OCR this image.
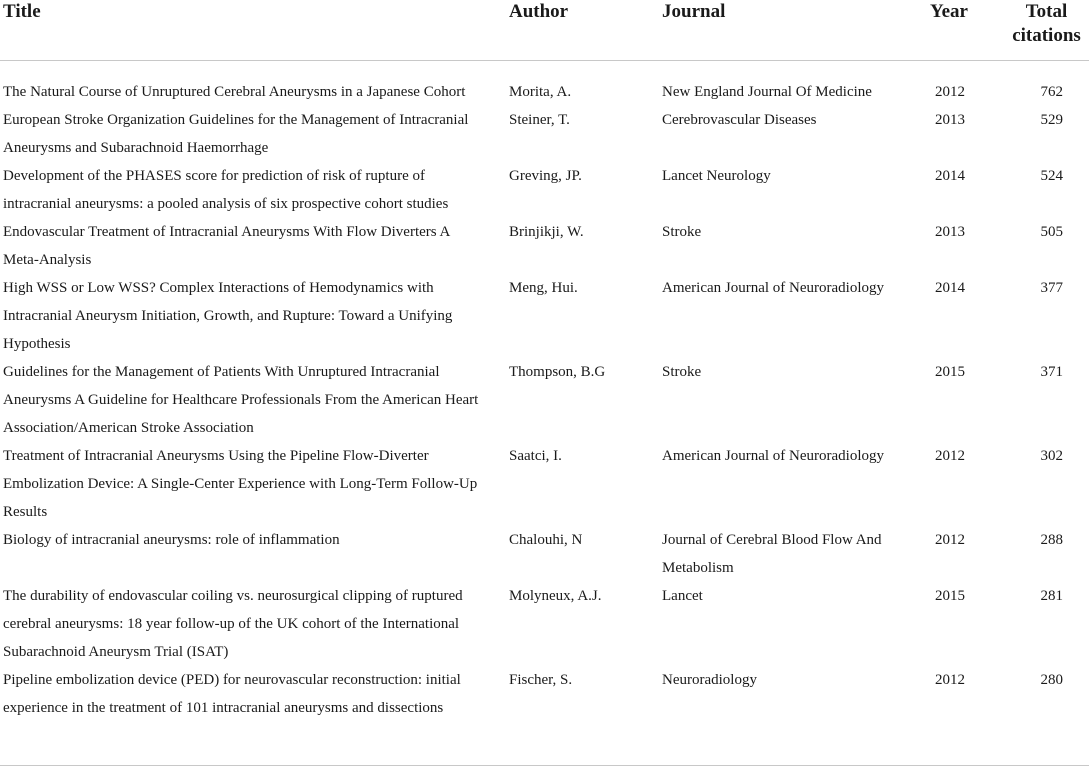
Title	Author	Journal	Year	Total citations

The Natural Course of Unruptured Cerebral Aneurysms in a Japanese Cohort	Morita, A.	New England Journal Of Medicine	2012	762
European Stroke Organization Guidelines for the Management of Intracranial Aneurysms and Subarachnoid Haemorrhage	Steiner, T.	Cerebrovascular Diseases	2013	529
Development of the PHASES score for prediction of risk of rupture of intracranial aneurysms: a pooled analysis of six prospective cohort studies	Greving, JP.	Lancet Neurology	2014	524
Endovascular Treatment of Intracranial Aneurysms With Flow Diverters A Meta-Analysis	Brinjikji, W.	Stroke	2013	505
High WSS or Low WSS? Complex Interactions of Hemodynamics with Intracranial Aneurysm Initiation, Growth, and Rupture: Toward a Unifying Hypothesis	Meng, Hui.	American Journal of Neuroradiology	2014	377
Guidelines for the Management of Patients With Unruptured Intracranial Aneurysms A Guideline for Healthcare Professionals From the American Heart Association/American Stroke Association	Thompson, B.G	Stroke	2015	371
Treatment of Intracranial Aneurysms Using the Pipeline Flow-Diverter Embolization Device: A Single-Center Experience with Long-Term Follow-Up Results	Saatci, I.	American Journal of Neuroradiology	2012	302
Biology of intracranial aneurysms: role of inflammation	Chalouhi, N	Journal of Cerebral Blood Flow And Metabolism	2012	288
The durability of endovascular coiling vs. neurosurgical clipping of ruptured cerebral aneurysms: 18 year follow-up of the UK cohort of the International Subarachnoid Aneurysm Trial (ISAT)	Molyneux, A.J.	Lancet	2015	281
Pipeline embolization device (PED) for neurovascular reconstruction: initial experience in the treatment of 101 intracranial aneurysms and dissections	Fischer, S.	Neuroradiology	2012	280
